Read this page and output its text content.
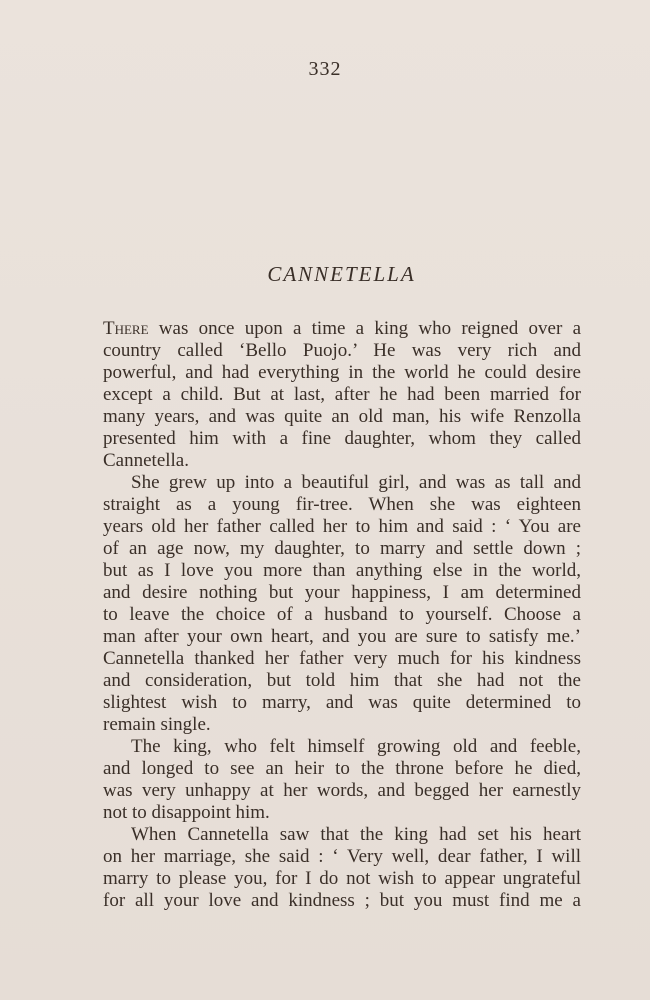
332
CANNETELLA
There was once upon a time a king who reigned over a
country called ‘Bello Puojo.’ He was very rich and
powerful, and had everything in the world he could desire
except a child. But at last, after he had been married for
many years, and was quite an old man, his wife Renzolla
presented him with a fine daughter, whom they called
Cannetella.
She grew up into a beautiful girl, and was as tall and
straight as a young fir-tree. When she was eighteen
years old her father called her to him and said : ‘ You are
of an age now, my daughter, to marry and settle down ;
but as I love you more than anything else in the world,
and desire nothing but your happiness, I am determined
to leave the choice of a husband to yourself. Choose a
man after your own heart, and you are sure to satisfy me.’
Cannetella thanked her father very much for his kindness
and consideration, but told him that she had not the
slightest wish to marry, and was quite determined to
remain single.
The king, who felt himself growing old and feeble,
and longed to see an heir to the throne before he died,
was very unhappy at her words, and begged her earnestly
not to disappoint him.
When Cannetella saw that the king had set his heart
on her marriage, she said : ‘ Very well, dear father, I will
marry to please you, for I do not wish to appear ungrateful
for all your love and kindness ; but you must find me a
